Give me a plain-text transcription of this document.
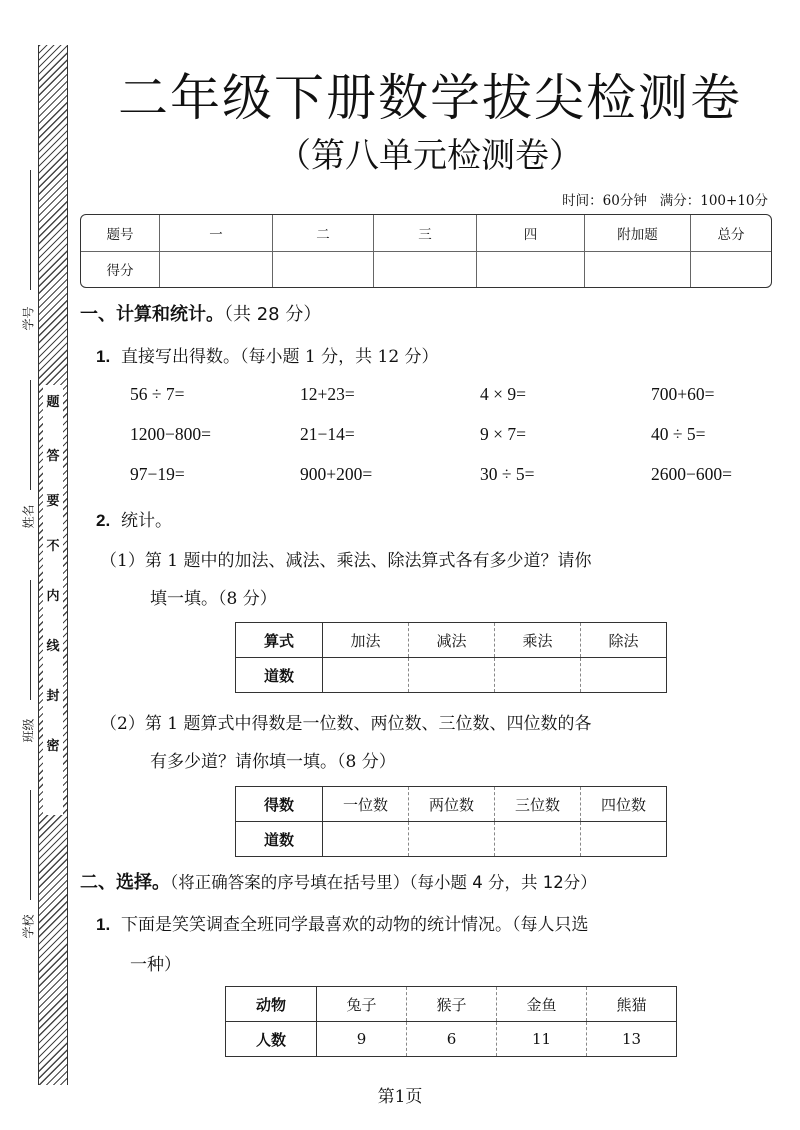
题
答
要
不
内
线
封
密
学号
姓名
班级
学校
二年级下册数学拔尖检测卷
（第八单元检测卷）
时间：60分钟 满分：100+10分
题号	一	二	三	四	附加题	总分
得分						
一、计算和统计。（共 28 分）
1. 直接写出得数。（每小题 1 分，共 12 分）
56 ÷ 7=	12+23=	4 × 9=	700+60=
1200−800=	21−14=	9 × 7=	40 ÷ 5=
97−19=	900+200=	30 ÷ 5=	2600−600=
2. 统计。
（1）第 1 题中的加法、减法、乘法、除法算式各有多少道？请你
填一填。（8 分）
算式	加法	减法	乘法	除法
道数				
（2）第 1 题算式中得数是一位数、两位数、三位数、四位数的各
有多少道？请你填一填。（8 分）
得数	一位数	两位数	三位数	四位数
道数				
二、选择。（将正确答案的序号填在括号里）（每小题 4 分，共 12分）
1. 下面是笑笑调查全班同学最喜欢的动物的统计情况。（每人只选
一种）
动物	兔子	猴子	金鱼	熊猫
人数	9	6	11	13
第1页
